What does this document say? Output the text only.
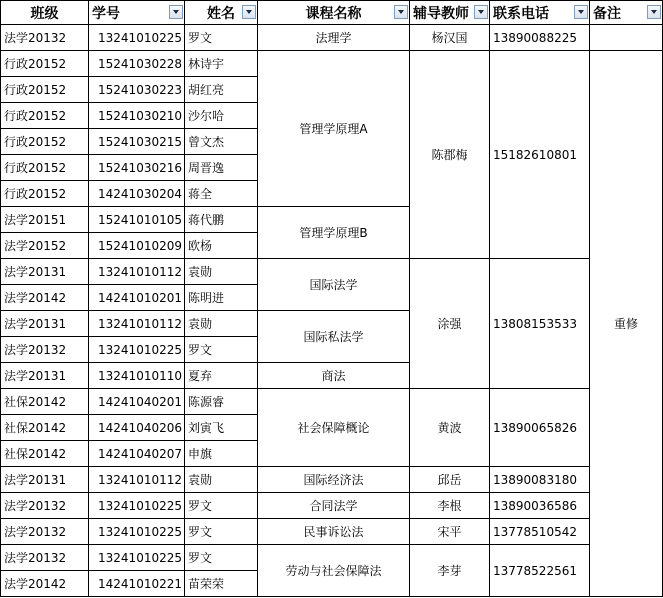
班级	学号	姓名	课程名称	辅导教师	联系电话	备注

法学20132	13241010225	罗文	法理学	杨汉国	13890088225	
行政20152	15241030228	林诗宇	管理学原理A	陈郡梅	15182610801	重修
行政20152	15241030223	胡红亮				
行政20152	15241030210	沙尔哈				
行政20152	15241030215	曾文杰				
行政20152	15241030216	周晋逸				
行政20152	14241030204	蒋全				
法学20151	15241010105	蒋代鹏	管理学原理B			
法学20152	15241010209	欧杨				
法学20131	13241010112	袁勋	国际法学	涂强	13808153533	
法学20142	14241010201	陈明进				
法学20131	13241010112	袁勋	国际私法学			
法学20132	13241010225	罗文				
法学20131	13241010110	夏弃	商法			
社保20142	14241040201	陈源睿	社会保障概论	黄波	13890065826	
社保20142	14241040206	刘寅飞				
社保20142	14241040207	申旗				
法学20131	13241010112	袁勋	国际经济法	邱岳	13890083180	
法学20132	13241010225	罗文	合同法学	李根	13890036586	
法学20132	13241010225	罗文	民事诉讼法	宋平	13778510542	
法学20132	13241010225	罗文	劳动与社会保障法	李芽	13778522561	
法学20142	14241010221	苗荣荣				
